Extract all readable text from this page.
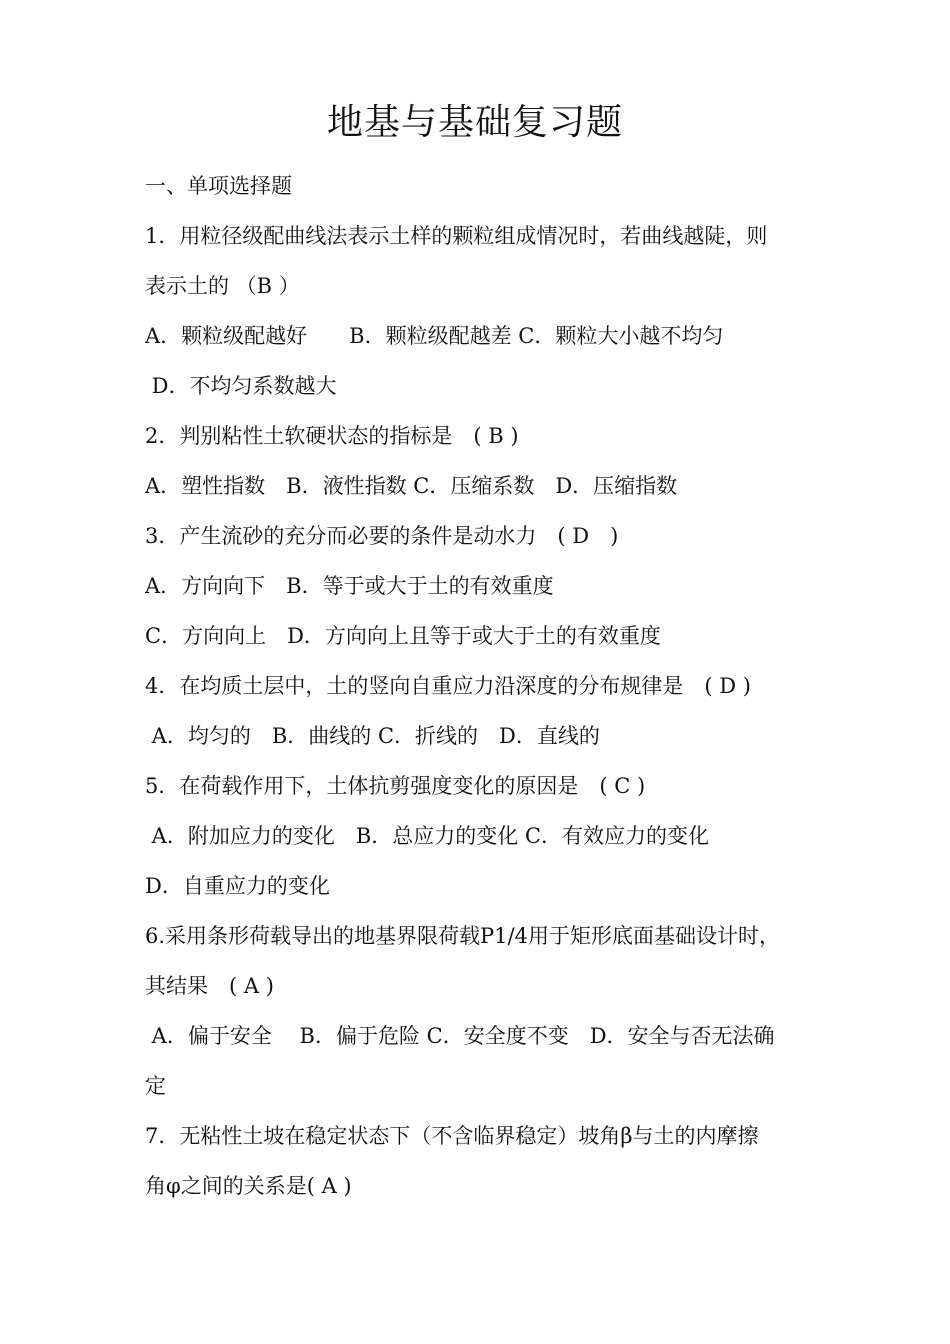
地基与基础复习题
一、单项选择题
1．用粒径级配曲线法表示土样的颗粒组成情况时，若曲线越陡，则
表示土的 （B ）
A．颗粒级配越好　　B．颗粒级配越差 C．颗粒大小越不均匀
D．不均匀系数越大
2．判别粘性土软硬状态的指标是　( B )
A．塑性指数　B．液性指数 C．压缩系数　D．压缩指数
3．产生流砂的充分而必要的条件是动水力　( D　)
A．方向向下　B．等于或大于土的有效重度
C．方向向上　D．方向向上且等于或大于土的有效重度
4．在均质土层中，土的竖向自重应力沿深度的分布规律是　( D )
A．均匀的　B．曲线的 C．折线的　D．直线的
5．在荷载作用下，土体抗剪强度变化的原因是　( C )
A．附加应力的变化　B．总应力的变化 C．有效应力的变化
D．自重应力的变化
6.采用条形荷载导出的地基界限荷载P1/4用于矩形底面基础设计时，
其结果　( A )
A．偏于安全　 B．偏于危险 C．安全度不变　D．安全与否无法确
定
7．无粘性土坡在稳定状态下（不含临界稳定）坡角β与土的内摩擦
角φ之间的关系是( A )
